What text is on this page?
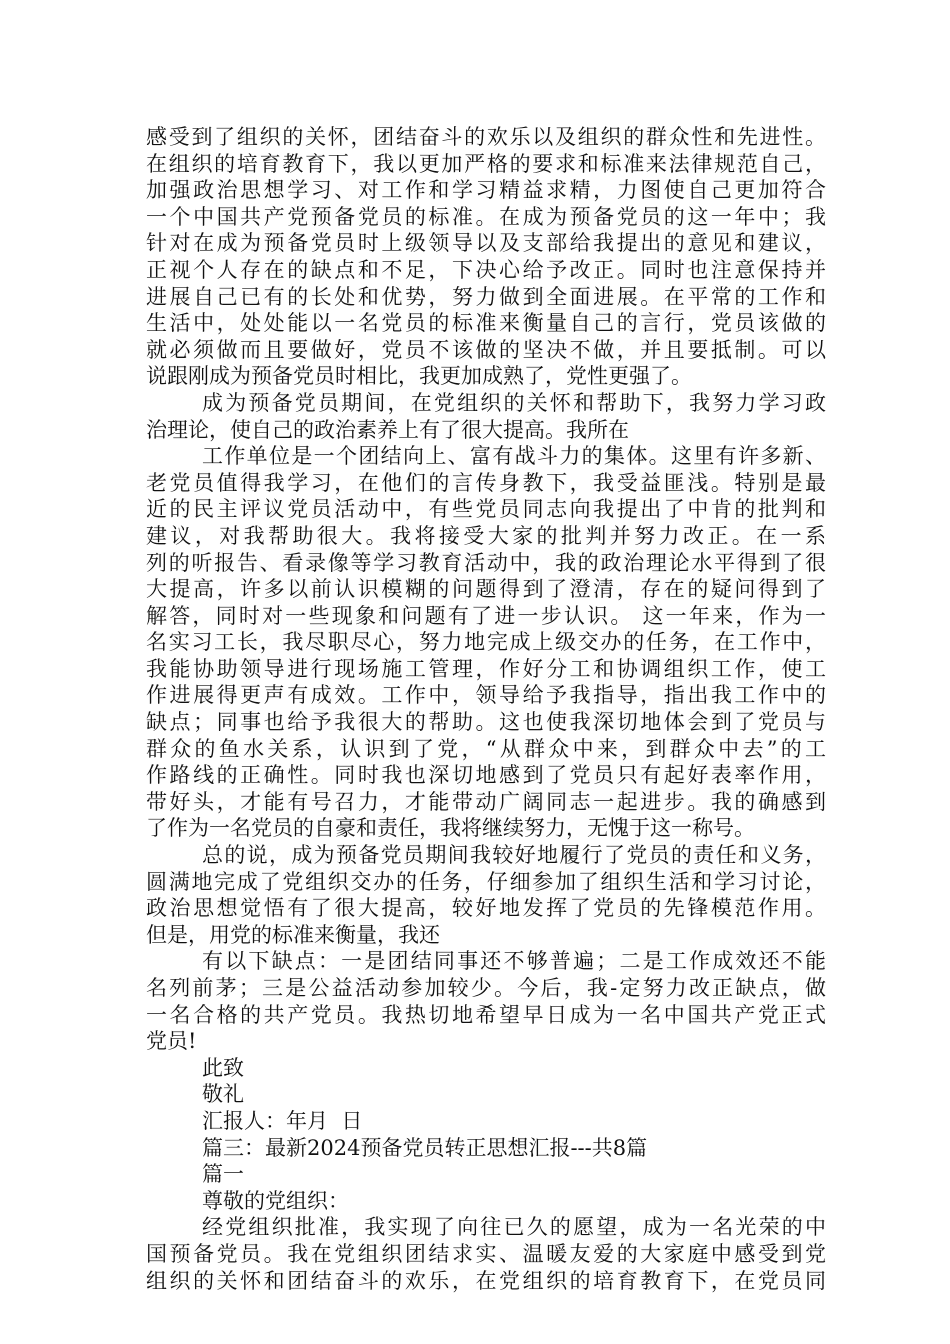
感受到了组织的关怀，团结奋斗的欢乐以及组织的群众性和先进性。
在组织的培育教育下，我以更加严格的要求和标准来法律规范自己，
加强政治思想学习、对工作和学习精益求精，力图使自己更加符合
一个中国共产党预备党员的标准。在成为预备党员的这一年中；我
针对在成为预备党员时上级领导以及支部给我提出的意见和建议，
正视个人存在的缺点和不足，下决心给予改正。同时也注意保持并
进展自己已有的长处和优势，努力做到全面进展。在平常的工作和
生活中，处处能以一名党员的标准来衡量自己的言行，党员该做的
就必须做而且要做好，党员不该做的坚决不做，并且要抵制。可以
说跟刚成为预备党员时相比，我更加成熟了，党性更强了。
成为预备党员期间，在党组织的关怀和帮助下，我努力学习政
治理论，使自己的政治素养上有了很大提高。我所在
工作单位是一个团结向上、富有战斗力的集体。这里有许多新、
老党员值得我学习，在他们的言传身教下，我受益匪浅。特别是最
近的民主评议党员活动中，有些党员同志向我提出了中肯的批判和
建议，对我帮助很大。我将接受大家的批判并努力改正。在一系
列的听报告、看录像等学习教育活动中，我的政治理论水平得到了很
大提高，许多以前认识模糊的问题得到了澄清，存在的疑问得到了
解答，同时对一些现象和问题有了进一步认识。 这一年来，作为一
名实习工长，我尽职尽心，努力地完成上级交办的任务，在工作中，
我能协助领导进行现场施工管理，作好分工和协调组织工作，使工
作进展得更声有成效。工作中，领导给予我指导，指出我工作中的
缺点；同事也给予我很大的帮助。这也使我深切地体会到了党员与
群众的鱼水关系，认识到了党，“从群众中来，到群众中去”的工
作路线的正确性。同时我也深切地感到了党员只有起好表率作用，
带好头，才能有号召力，才能带动广阔同志一起进步。我的确感到
了作为一名党员的自豪和责任，我将继续努力，无愧于这一称号。
总的说，成为预备党员期间我较好地履行了党员的责任和义务，
圆满地完成了党组织交办的任务，仔细参加了组织生活和学习讨论，
政治思想觉悟有了很大提高，较好地发挥了党员的先锋模范作用。
但是，用党的标准来衡量，我还
有以下缺点：一是团结同事还不够普遍；二是工作成效还不能
名列前茅；三是公益活动参加较少。今后，我-定努力改正缺点，做
一名合格的共产党员。我热切地希望早日成为一名中国共产党正式
党员!
此致
敬礼
汇报人：年月  日
篇三：最新2024预备党员转正思想汇报---共8篇
篇一
尊敬的党组织：
经党组织批准，我实现了向往已久的愿望，成为一名光荣的中
国预备党员。我在党组织团结求实、温暖友爱的大家庭中感受到党
组织的关怀和团结奋斗的欢乐，在党组织的培育教育下，在党员同
